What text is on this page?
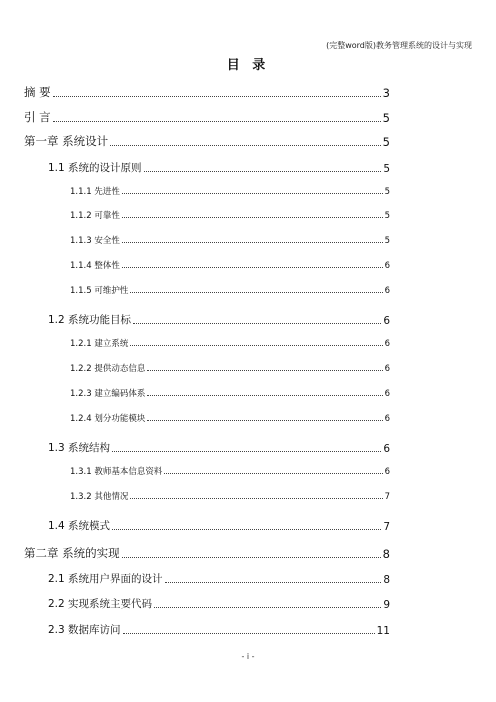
(完整word版)教务管理系统的设计与实现
目 录
摘 要	3
引 言	5
第一章 系统设计	5
1.1 系统的设计原则	5
1.1.1 先进性	5
1.1.2 可靠性	5
1.1.3 安全性	5
1.1.4 整体性	6
1.1.5 可维护性	6
1.2 系统功能目标	6
1.2.1 建立系统	6
1.2.2 提供动态信息	6
1.2.3 建立编码体系	6
1.2.4 划分功能模块	6
1.3 系统结构	6
1.3.1 教师基本信息资料	6
1.3.2 其他情况	7
1.4 系统模式	7
第二章 系统的实现	8
2.1 系统用户界面的设计	8
2.2 实现系统主要代码	9
2.3 数据库访问	11
- i -
